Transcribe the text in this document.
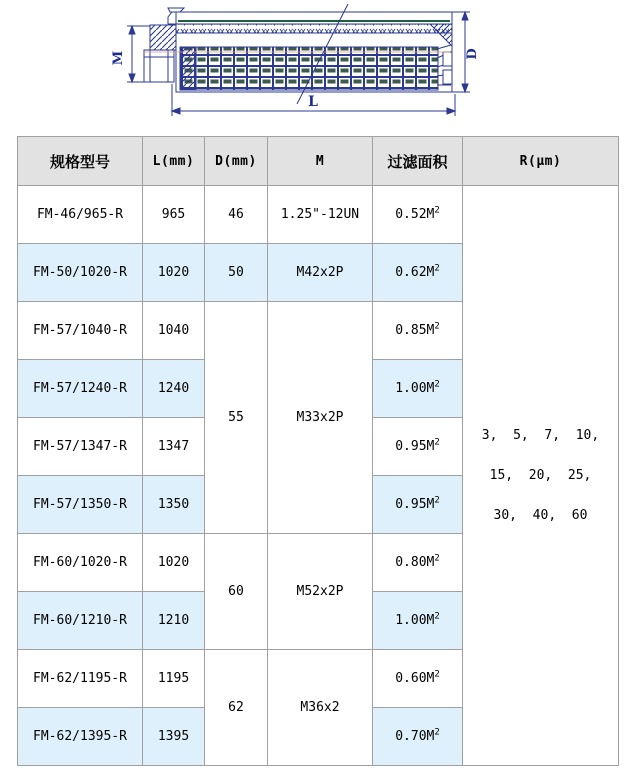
M	D
L
规格型号	L(mm)	D(mm)	M	过滤面积	R(μm)
FM-46/965-R	965	46	1.25"-12UN	$0.52M^2$	3,  5,  7,  10,
15,  20,  25,
30,  40,  60

FM-50/1020-R	1020	50	M42x2P	$0.62M^2$
FM-57/1040-R	1040	55	M33x2P	$0.85M^2$
FM-57/1240-R	1240			$1.00M^2$
FM-57/1347-R	1347			$0.95M^2$
FM-57/1350-R	1350			$0.95M^2$
FM-60/1020-R	1020	60	M52x2P	$0.80M^2$
FM-60/1210-R	1210			$1.00M^2$
FM-62/1195-R	1195	62	M36x2	$0.60M^2$
FM-62/1395-R	1395			$0.70M^2$
